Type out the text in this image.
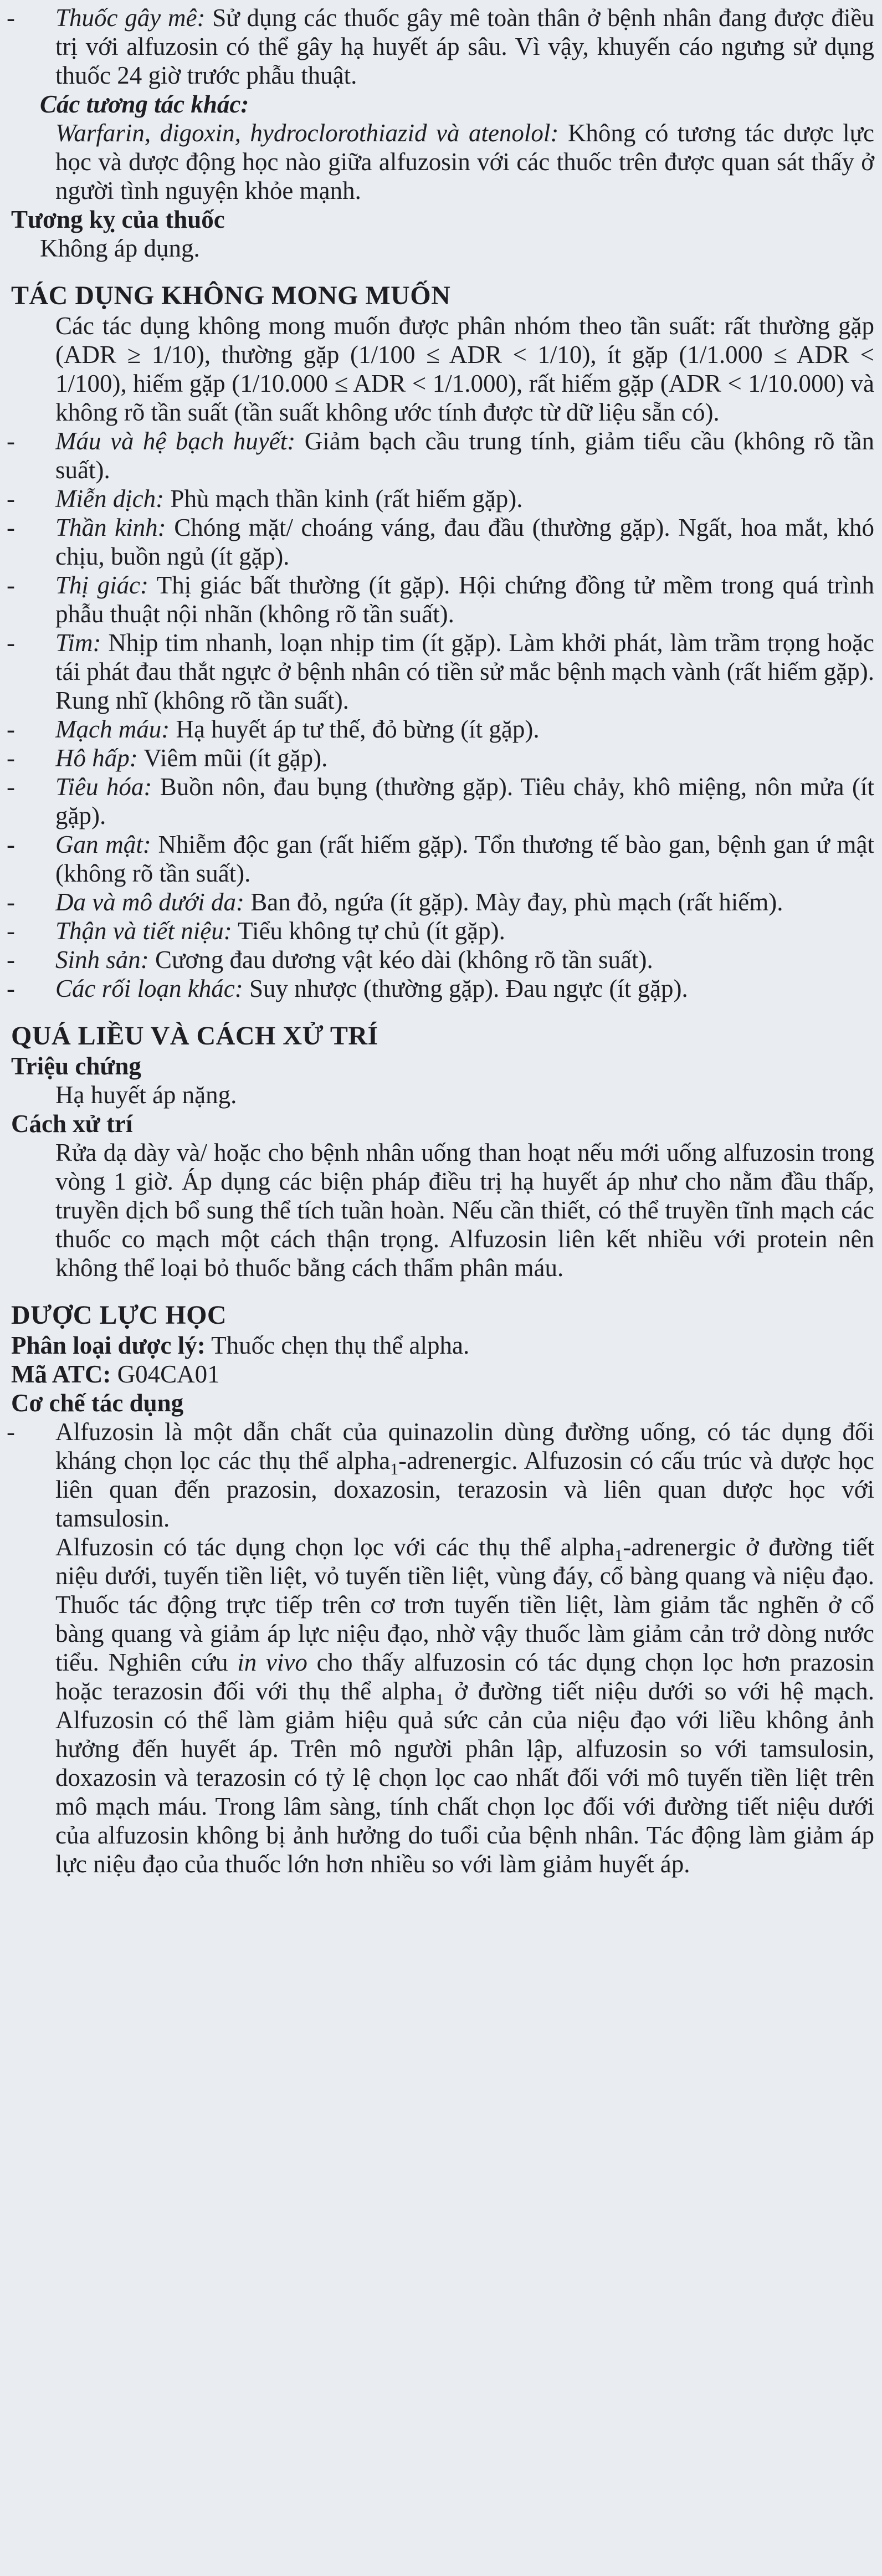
- Thuốc gây mê: Sử dụng các thuốc gây mê toàn thân ở bệnh nhân đang được điều trị với alfuzosin có thể gây hạ huyết áp sâu. Vì vậy, khuyến cáo ngưng sử dụng thuốc 24 giờ trước phẫu thuật.
Các tương tác khác:
Warfarin, digoxin, hydroclorothiazid và atenolol: Không có tương tác dược lực học và dược động học nào giữa alfuzosin với các thuốc trên được quan sát thấy ở người tình nguyện khỏe mạnh.
Tương kỵ của thuốc
Không áp dụng.
TÁC DỤNG KHÔNG MONG MUỐN
Các tác dụng không mong muốn được phân nhóm theo tần suất: rất thường gặp (ADR ≥ 1/10), thường gặp (1/100 ≤ ADR < 1/10), ít gặp (1/1.000 ≤ ADR < 1/100), hiếm gặp (1/10.000 ≤ ADR < 1/1.000), rất hiếm gặp (ADR < 1/10.000) và không rõ tần suất (tần suất không ước tính được từ dữ liệu sẵn có).
- Máu và hệ bạch huyết: Giảm bạch cầu trung tính, giảm tiểu cầu (không rõ tần suất).
- Miễn dịch: Phù mạch thần kinh (rất hiếm gặp).
- Thần kinh: Chóng mặt/ choáng váng, đau đầu (thường gặp). Ngất, hoa mắt, khó chịu, buồn ngủ (ít gặp).
- Thị giác: Thị giác bất thường (ít gặp). Hội chứng đồng tử mềm trong quá trình phẫu thuật nội nhãn (không rõ tần suất).
- Tim: Nhịp tim nhanh, loạn nhịp tim (ít gặp). Làm khởi phát, làm trầm trọng hoặc tái phát đau thắt ngực ở bệnh nhân có tiền sử mắc bệnh mạch vành (rất hiếm gặp). Rung nhĩ (không rõ tần suất).
- Mạch máu: Hạ huyết áp tư thế, đỏ bừng (ít gặp).
- Hô hấp: Viêm mũi (ít gặp).
- Tiêu hóa: Buồn nôn, đau bụng (thường gặp). Tiêu chảy, khô miệng, nôn mửa (ít gặp).
- Gan mật: Nhiễm độc gan (rất hiếm gặp). Tổn thương tế bào gan, bệnh gan ứ mật (không rõ tần suất).
- Da và mô dưới da: Ban đỏ, ngứa (ít gặp). Mày đay, phù mạch (rất hiếm).
- Thận và tiết niệu: Tiểu không tự chủ (ít gặp).
- Sinh sản: Cương đau dương vật kéo dài (không rõ tần suất).
- Các rối loạn khác: Suy nhược (thường gặp). Đau ngực (ít gặp).
QUÁ LIỀU VÀ CÁCH XỬ TRÍ
Triệu chứng
Hạ huyết áp nặng.
Cách xử trí
Rửa dạ dày và/ hoặc cho bệnh nhân uống than hoạt nếu mới uống alfuzosin trong vòng 1 giờ. Áp dụng các biện pháp điều trị hạ huyết áp như cho nằm đầu thấp, truyền dịch bổ sung thể tích tuần hoàn. Nếu cần thiết, có thể truyền tĩnh mạch các thuốc co mạch một cách thận trọng. Alfuzosin liên kết nhiều với protein nên không thể loại bỏ thuốc bằng cách thẩm phân máu.
DƯỢC LỰC HỌC
Phân loại dược lý: Thuốc chẹn thụ thể alpha.
Mã ATC: G04CA01
Cơ chế tác dụng
- Alfuzosin là một dẫn chất của quinazolin dùng đường uống, có tác dụng đối kháng chọn lọc các thụ thể alpha$_1$-adrenergic. Alfuzosin có cấu trúc và dược học liên quan đến prazosin, doxazosin, terazosin và liên quan dược học với tamsulosin.
Alfuzosin có tác dụng chọn lọc với các thụ thể alpha$_1$-adrenergic ở đường tiết niệu dưới, tuyến tiền liệt, vỏ tuyến tiền liệt, vùng đáy, cổ bàng quang và niệu đạo. Thuốc tác động trực tiếp trên cơ trơn tuyến tiền liệt, làm giảm tắc nghẽn ở cổ bàng quang và giảm áp lực niệu đạo, nhờ vậy thuốc làm giảm cản trở dòng nước tiểu. Nghiên cứu in vivo cho thấy alfuzosin có tác dụng chọn lọc hơn prazosin hoặc terazosin đối với thụ thể alpha$_1$ ở đường tiết niệu dưới so với hệ mạch. Alfuzosin có thể làm giảm hiệu quả sức cản của niệu đạo với liều không ảnh hưởng đến huyết áp. Trên mô người phân lập, alfuzosin so với tamsulosin, doxazosin và terazosin có tỷ lệ chọn lọc cao nhất đối với mô tuyến tiền liệt trên mô mạch máu. Trong lâm sàng, tính chất chọn lọc đối với đường tiết niệu dưới của alfuzosin không bị ảnh hưởng do tuổi của bệnh nhân. Tác động làm giảm áp lực niệu đạo của thuốc lớn hơn nhiều so với làm giảm huyết áp.
